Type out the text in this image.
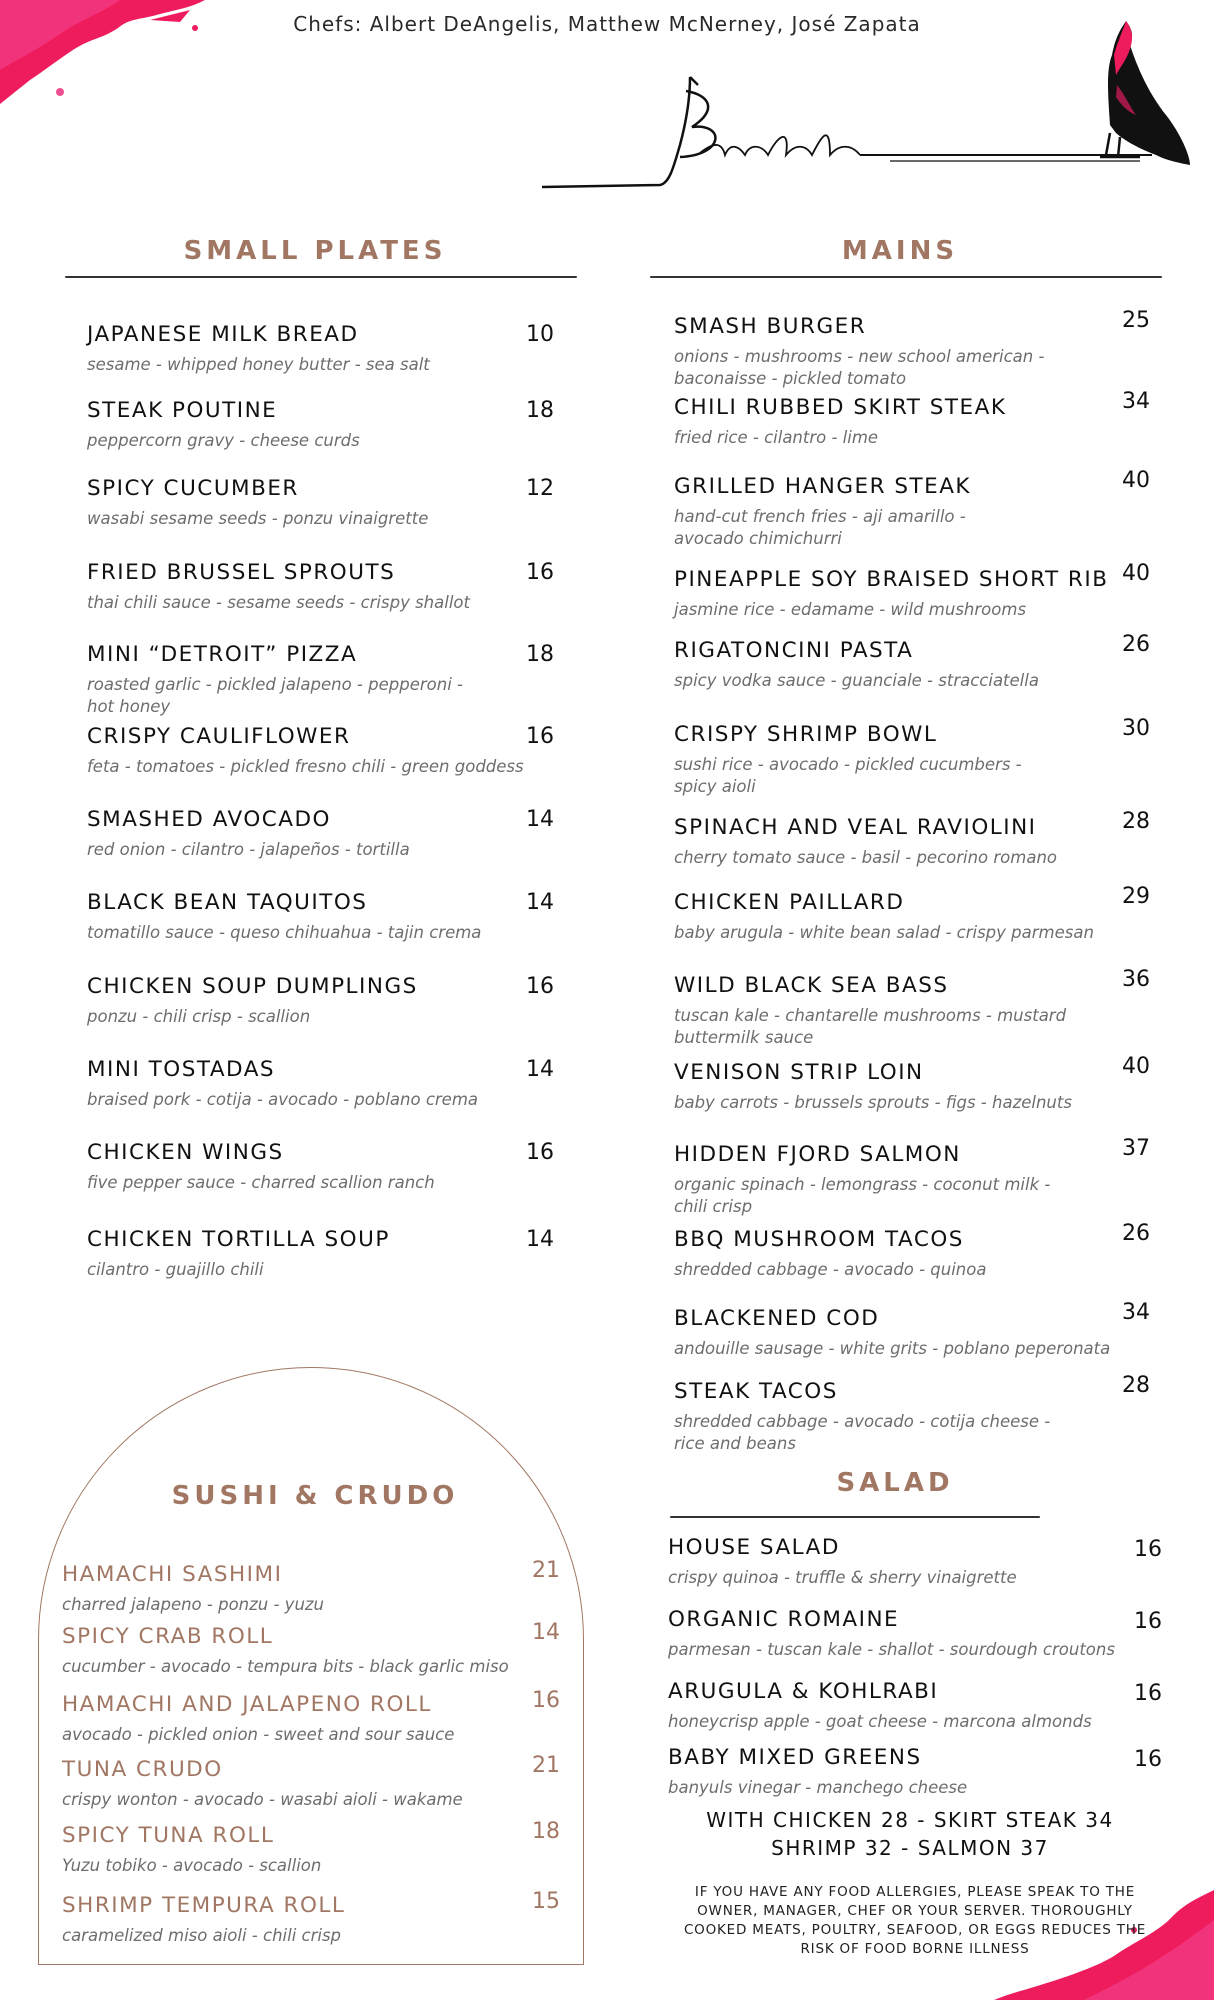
Chefs: Albert DeAngelis, Matthew McNerney, José Zapata
SMALL PLATES
JAPANESE MILK BREAD
sesame - whipped honey butter - sea salt
10
STEAK POUTINE
peppercorn gravy - cheese curds
18
SPICY CUCUMBER
wasabi sesame seeds - ponzu vinaigrette
12
FRIED BRUSSEL SPROUTS
thai chili sauce - sesame seeds - crispy shallot
16
MINI “DETROIT” PIZZA
roasted garlic - pickled jalapeno - pepperoni - hot honey
18
CRISPY CAULIFLOWER
feta - tomatoes - pickled fresno chili - green goddess
16
SMASHED AVOCADO
red onion - cilantro - jalapeños - tortilla
14
BLACK BEAN TAQUITOS
tomatillo sauce - queso chihuahua - tajin crema
14
CHICKEN SOUP DUMPLINGS
ponzu - chili crisp - scallion
16
MINI TOSTADAS
braised pork - cotija - avocado - poblano crema
14
CHICKEN WINGS
five pepper sauce - charred scallion ranch
16
CHICKEN TORTILLA SOUP
cilantro - guajillo chili
14
MAINS
SMASH BURGER
onions - mushrooms - new school american - baconaisse - pickled tomato
25
CHILI RUBBED SKIRT STEAK
fried rice - cilantro - lime
34
GRILLED HANGER STEAK
hand-cut french fries - aji amarillo - avocado chimichurri
40
PINEAPPLE SOY BRAISED SHORT RIB
jasmine rice - edamame - wild mushrooms
40
RIGATONCINI PASTA
spicy vodka sauce - guanciale - stracciatella
26
CRISPY SHRIMP BOWL
sushi rice - avocado - pickled cucumbers - spicy aioli
30
SPINACH AND VEAL RAVIOLINI
cherry tomato sauce - basil - pecorino romano
28
CHICKEN PAILLARD
baby arugula - white bean salad - crispy parmesan
29
WILD BLACK SEA BASS
tuscan kale - chantarelle mushrooms - mustard buttermilk sauce
36
VENISON STRIP LOIN
baby carrots - brussels sprouts - figs - hazelnuts
40
HIDDEN FJORD SALMON
organic spinach - lemongrass - coconut milk - chili crisp
37
BBQ MUSHROOM TACOS
shredded cabbage - avocado - quinoa
26
BLACKENED COD
andouille sausage - white grits - poblano peperonata
34
STEAK TACOS
shredded cabbage - avocado - cotija cheese - rice and beans
28
SUSHI & CRUDO
HAMACHI SASHIMI
charred jalapeno - ponzu - yuzu
21
SPICY CRAB ROLL
cucumber - avocado - tempura bits - black garlic miso
14
HAMACHI AND JALAPENO ROLL
avocado - pickled onion - sweet and sour sauce
16
TUNA CRUDO
crispy wonton - avocado - wasabi aioli - wakame
21
SPICY TUNA ROLL
Yuzu tobiko - avocado - scallion
18
SHRIMP TEMPURA ROLL
caramelized miso aioli - chili crisp
15
SALAD
HOUSE SALAD
crispy quinoa - truffle & sherry vinaigrette
16
ORGANIC ROMAINE
parmesan - tuscan kale - shallot - sourdough croutons
16
ARUGULA & KOHLRABI
honeycrisp apple - goat cheese - marcona almonds
16
BABY MIXED GREENS
banyuls vinegar - manchego cheese
16
WITH CHICKEN 28 - SKIRT STEAK 34
SHRIMP 32 - SALMON 37
IF YOU HAVE ANY FOOD ALLERGIES, PLEASE SPEAK TO THE OWNER, MANAGER, CHEF OR YOUR SERVER. THOROUGHLY COOKED MEATS, POULTRY, SEAFOOD, OR EGGS REDUCES THE RISK OF FOOD BORNE ILLNESS
